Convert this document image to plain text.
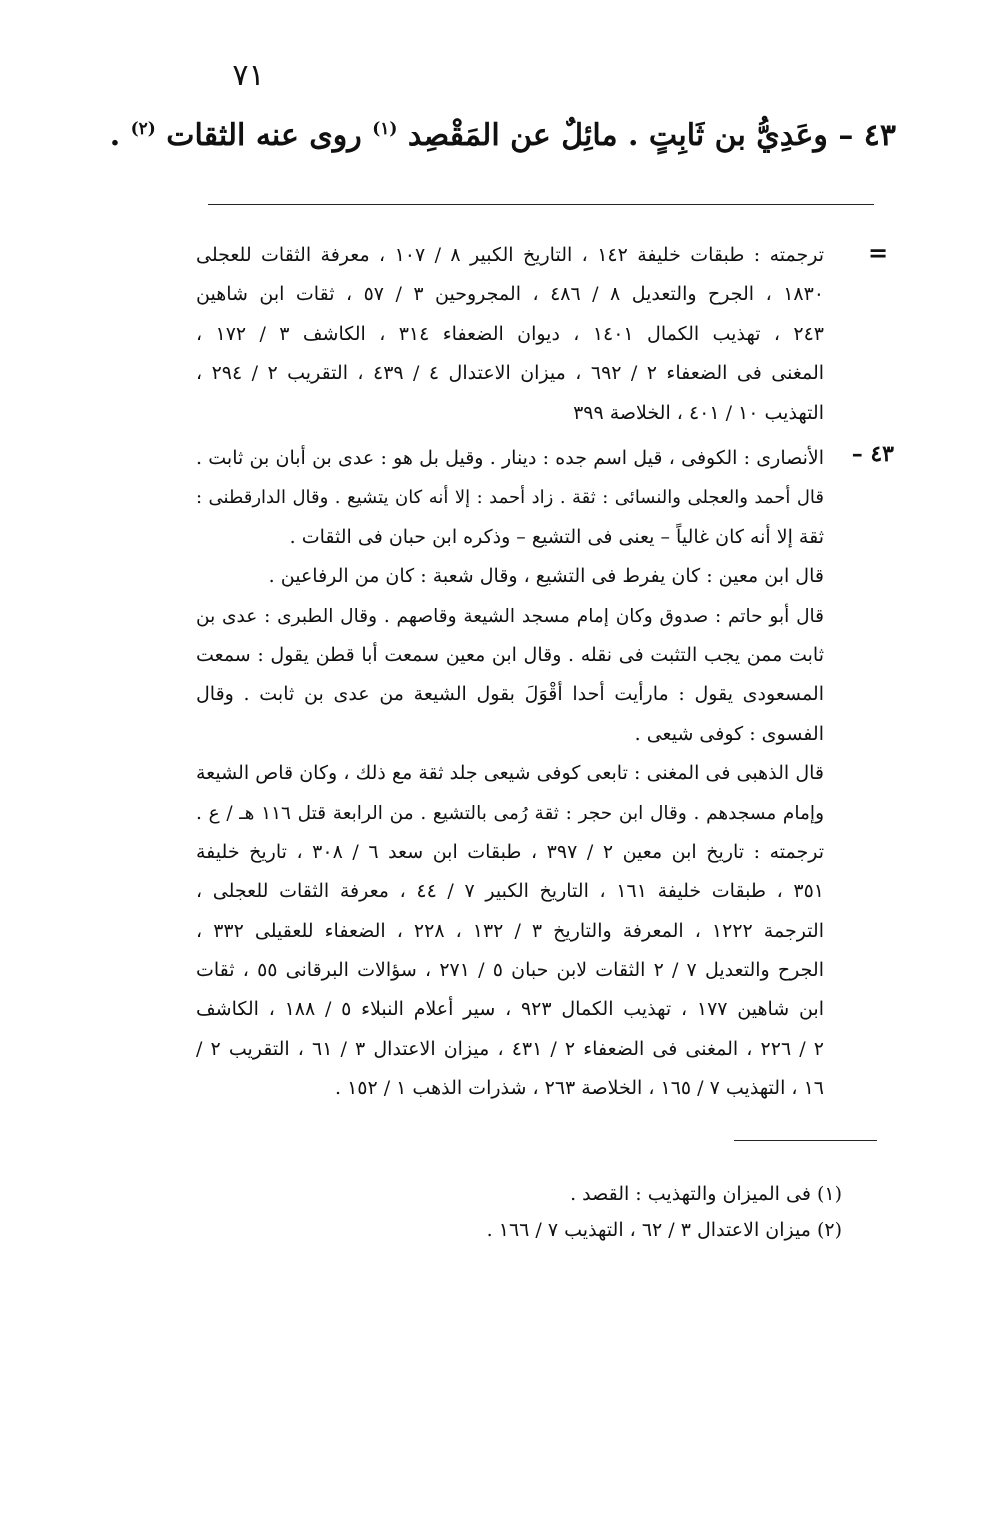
٧١
٤٣ – وعَدِيُّ بن ثَابِتٍ . مائِلٌ عن المَقْصِد $^{(١)}$ روى عنه الثقات $^{(٢)}$ .
=
ترجمته : طبقات خليفة ١٤٢ ، التاريخ الكبير ٨ / ١٠٧ ، معرفة الثقات للعجلى
١٨٣٠ ، الجرح والتعديل ٨ / ٤٨٦ ، المجروحين ٣ / ٥٧ ، ثقات ابن شاهين
٢٤٣ ، تهذيب الكمال ١٤٠١ ، ديوان الضعفاء ٣١٤ ، الكاشف ٣ / ١٧٢ ،
المغنى فى الضعفاء ٢ / ٦٩٢ ، ميزان الاعتدال ٤ / ٤٣٩ ، التقريب ٢ / ٢٩٤ ،
التهذيب ١٠ / ٤٠١ ، الخلاصة ٣٩٩
٤٣ –
الأنصارى : الكوفى ، قيل اسم جده : دينار . وقيل بل هو : عدى بن أبان بن ثابت .
قال أحمد والعجلى والنسائى : ثقة . زاد أحمد : إلا أنه كان يتشيع . وقال الدارقطنى :
ثقة إلا أنه كان غالياً – يعنى فى التشيع – وذكره ابن حبان فى الثقات .
قال ابن معين : كان يفرط فى التشيع ، وقال شعبة : كان من الرفاعين .
قال أبو حاتم : صدوق وكان إمام مسجد الشيعة وقاصهم . وقال الطبرى : عدى بن
ثابت ممن يجب التثبت فى نقله . وقال ابن معين سمعت أبا قطن يقول : سمعت
المسعودى يقول : مارأيت أحدا أقْوَلَ بقول الشيعة من عدى بن ثابت . وقال
الفسوى : كوفى شيعى .
قال الذهبى فى المغنى : تابعى كوفى شيعى جلد ثقة مع ذلك ، وكان قاص الشيعة
وإمام مسجدهم . وقال ابن حجر : ثقة رُمى بالتشيع . من الرابعة قتل ١١٦ هـ / ع .
ترجمته : تاريخ ابن معين ٢ / ٣٩٧ ، طبقات ابن سعد ٦ / ٣٠٨ ، تاريخ خليفة
٣٥١ ، طبقات خليفة ١٦١ ، التاريخ الكبير ٧ / ٤٤ ، معرفة الثقات للعجلى ،
الترجمة ١٢٢٢ ، المعرفة والتاريخ ٣ / ١٣٢ ، ٢٢٨ ، الضعفاء للعقيلى ٣٣٢ ،
الجرح والتعديل ٧ / ٢ الثقات لابن حبان ٥ / ٢٧١ ، سؤالات البرقانى ٥٥ ، ثقات
ابن شاهين ١٧٧ ، تهذيب الكمال ٩٢٣ ، سير أعلام النبلاء ٥ / ١٨٨ ، الكاشف
٢ / ٢٢٦ ، المغنى فى الضعفاء ٢ / ٤٣١ ، ميزان الاعتدال ٣ / ٦١ ، التقريب ٢ /
١٦ ، التهذيب ٧ / ١٦٥ ، الخلاصة ٢٦٣ ، شذرات الذهب ١ / ١٥٢ .
(١) فى الميزان والتهذيب : القصد .
(٢) ميزان الاعتدال ٣ / ٦٢ ، التهذيب ٧ / ١٦٦ .
